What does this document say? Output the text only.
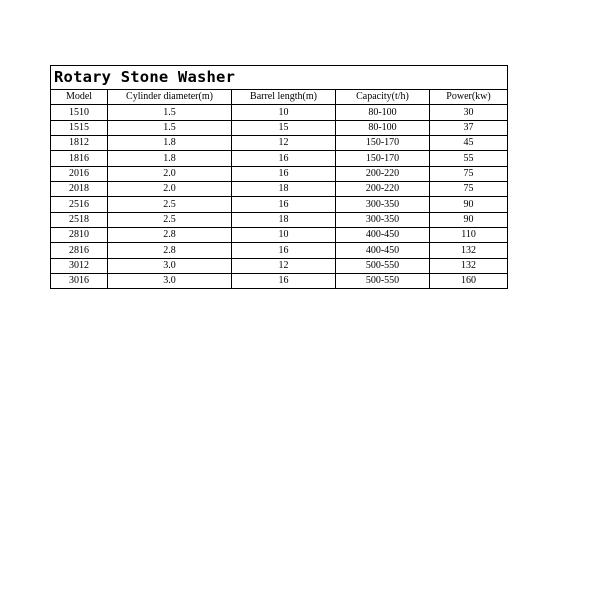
Rotary Stone Washer				
Model	Cylinder diameter(m)	Barrel length(m)	Capacity(t/h)	Power(kw)
1510	1.5	10	80-100	30
1515	1.5	15	80-100	37
1812	1.8	12	150-170	45
1816	1.8	16	150-170	55
2016	2.0	16	200-220	75
2018	2.0	18	200-220	75
2516	2.5	16	300-350	90
2518	2.5	18	300-350	90
2810	2.8	10	400-450	110
2816	2.8	16	400-450	132
3012	3.0	12	500-550	132
3016	3.0	16	500-550	160
